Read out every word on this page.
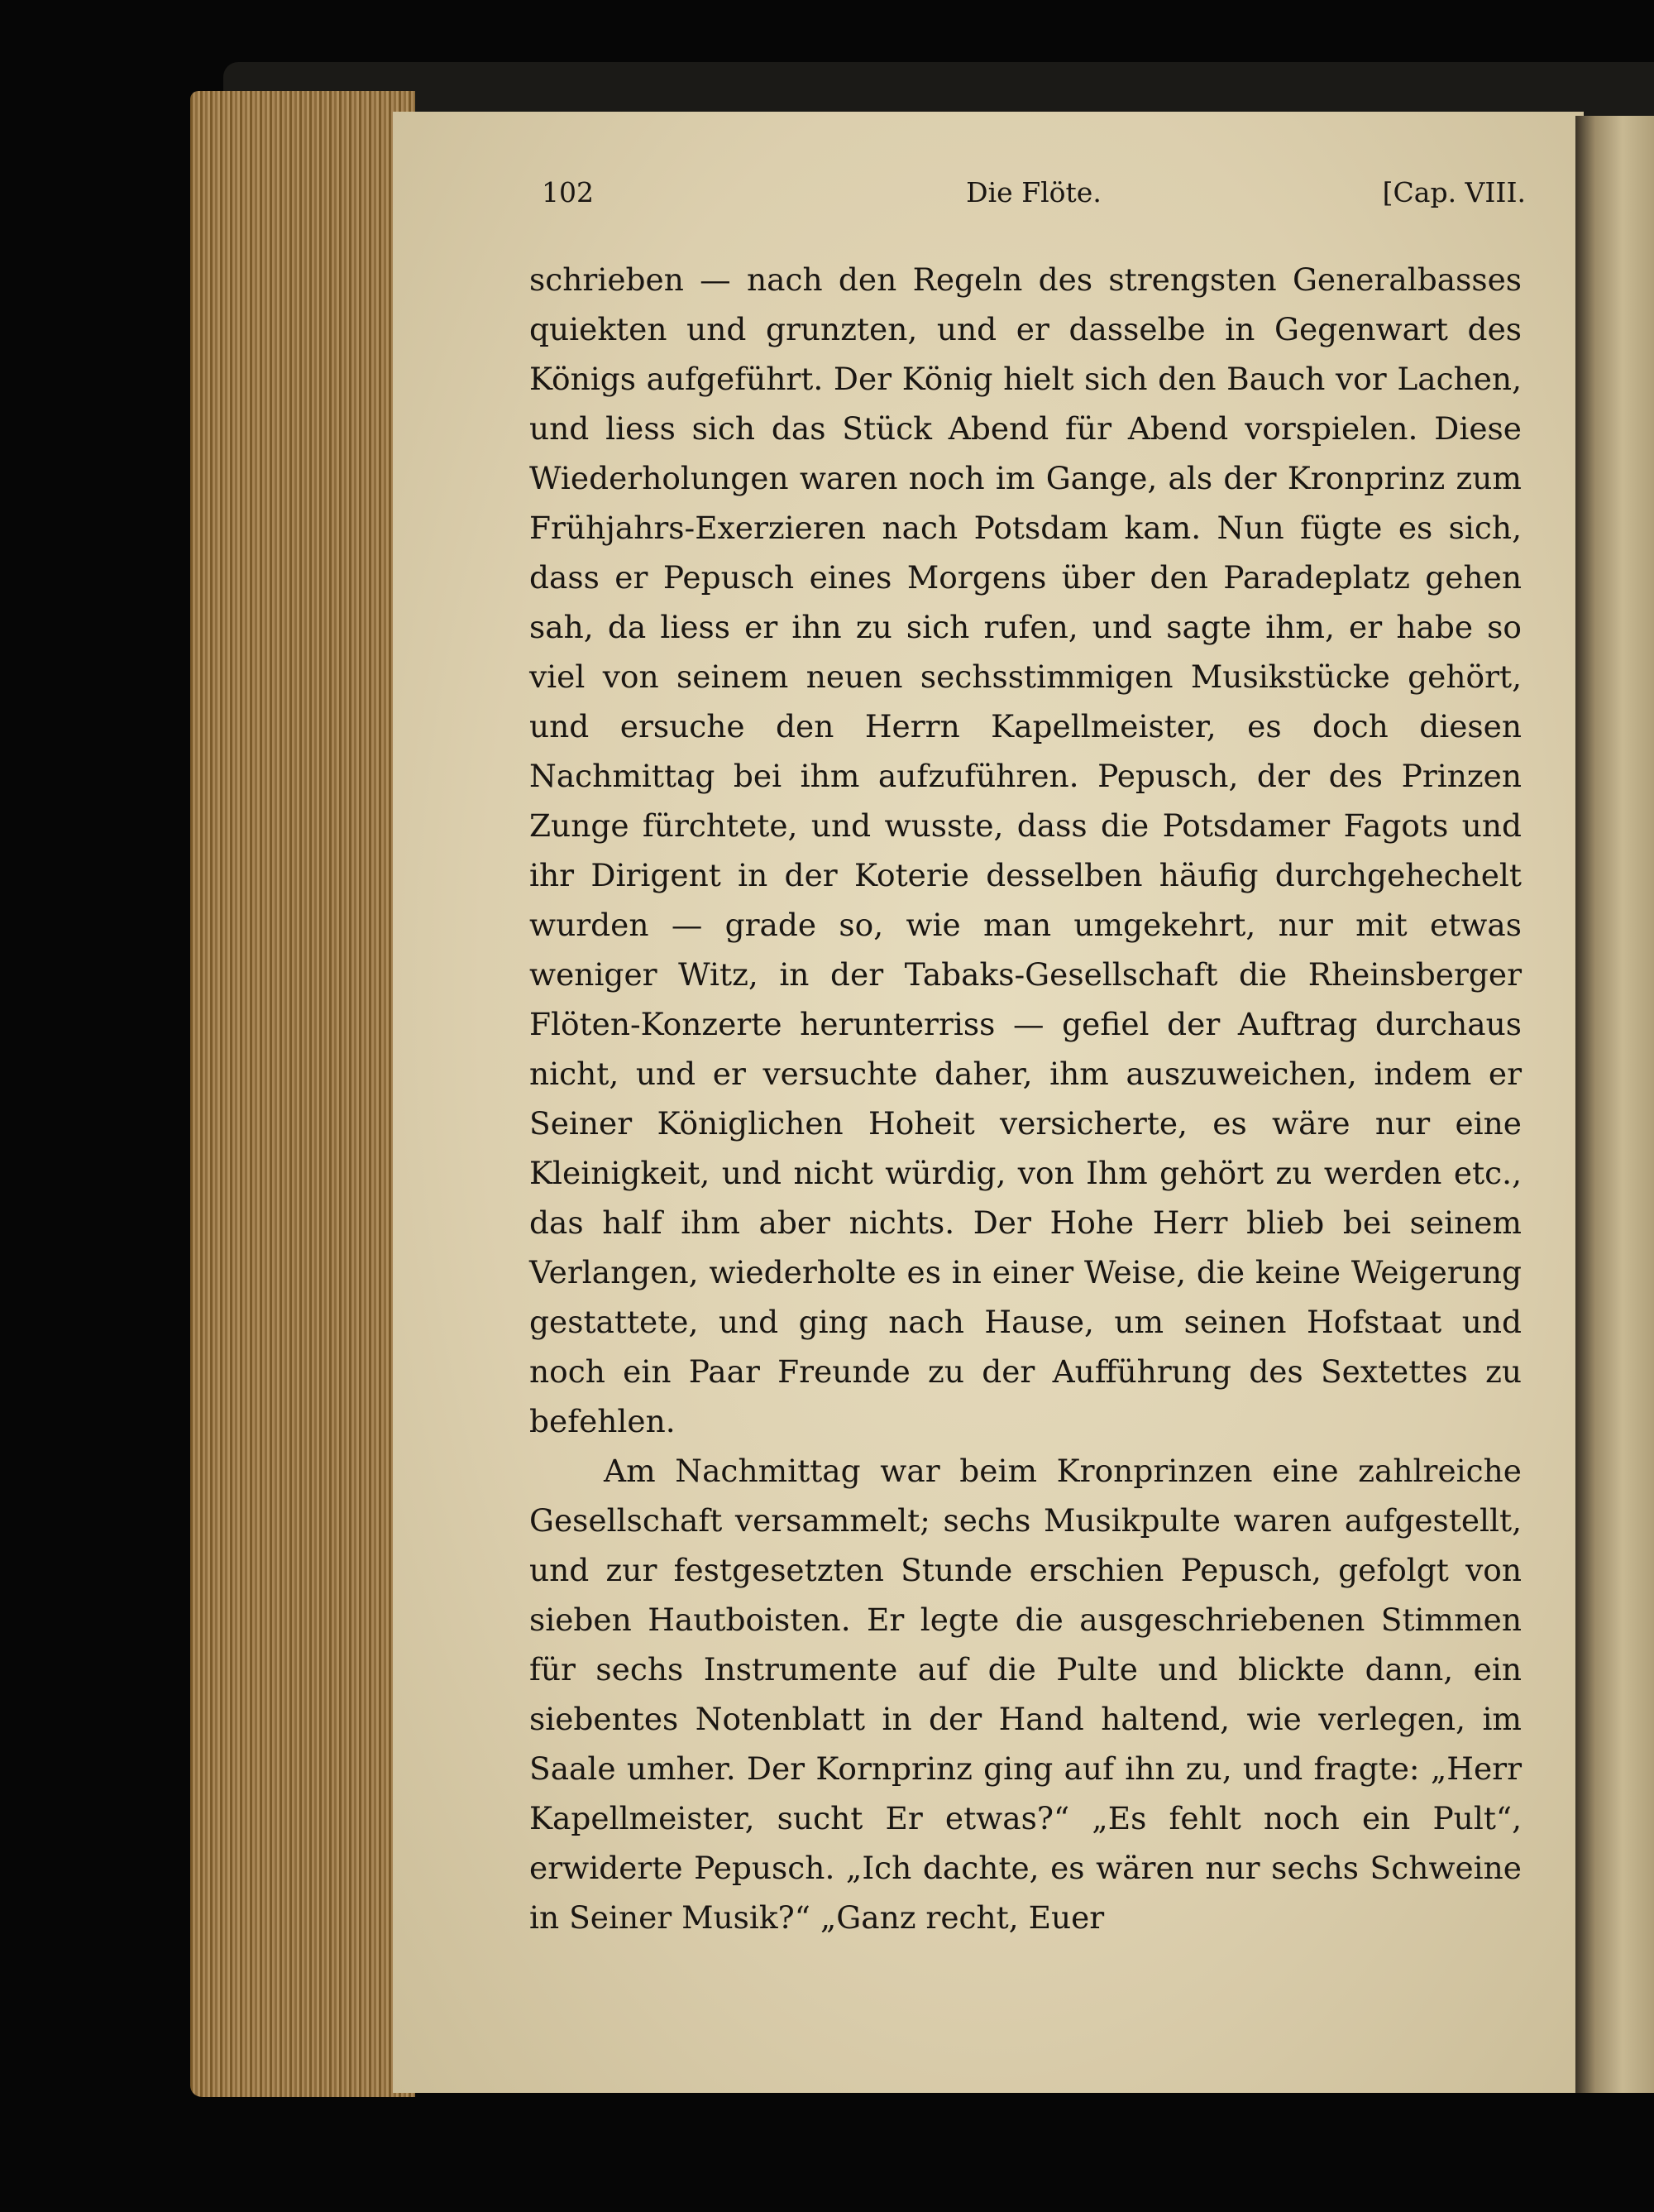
102	Die Flöte.	[Cap. VIII.

schrieben — nach den Regeln des strengsten Generalbasses quiekten und grunzten, und er dasselbe in Gegenwart des Königs aufgeführt. Der König hielt sich den Bauch vor Lachen, und liess sich das Stück Abend für Abend vorspielen. Diese Wiederholungen waren noch im Gange, als der Kronprinz zum Frühjahrs-Exerzieren nach Potsdam kam. Nun fügte es sich, dass er Pepusch eines Morgens über den Paradeplatz gehen sah, da liess er ihn zu sich rufen, und sagte ihm, er habe so viel von seinem neuen sechsstimmigen Musikstücke gehört, und ersuche den Herrn Kapellmeister, es doch diesen Nachmittag bei ihm aufzuführen. Pepusch, der des Prinzen Zunge fürchtete, und wusste, dass die Potsdamer Fagots und ihr Dirigent in der Koterie desselben häufig durchgehechelt wurden — grade so, wie man umgekehrt, nur mit etwas weniger Witz, in der Tabaks-Gesellschaft die Rheinsberger Flöten-Konzerte herunterriss — gefiel der Auftrag durchaus nicht, und er versuchte daher, ihm auszuweichen, indem er Seiner Königlichen Hoheit versicherte, es wäre nur eine Kleinigkeit, und nicht würdig, von Ihm gehört zu werden etc., das half ihm aber nichts. Der Hohe Herr blieb bei seinem Verlangen, wiederholte es in einer Weise, die keine Weigerung gestattete, und ging nach Hause, um seinen Hofstaat und noch ein Paar Freunde zu der Aufführung des Sextettes zu befehlen.

Am Nachmittag war beim Kronprinzen eine zahlreiche Gesellschaft versammelt; sechs Musikpulte waren aufgestellt, und zur festgesetzten Stunde erschien Pepusch, gefolgt von sieben Hautboisten. Er legte die ausgeschriebenen Stimmen für sechs Instrumente auf die Pulte und blickte dann, ein siebentes Notenblatt in der Hand haltend, wie verlegen, im Saale umher. Der Kornprinz ging auf ihn zu, und fragte: „Herr Kapellmeister, sucht Er etwas?“ „Es fehlt noch ein Pult“, erwiderte Pepusch. „Ich dachte, es wären nur sechs Schweine in Seiner Musik?“ „Ganz recht, Euer
